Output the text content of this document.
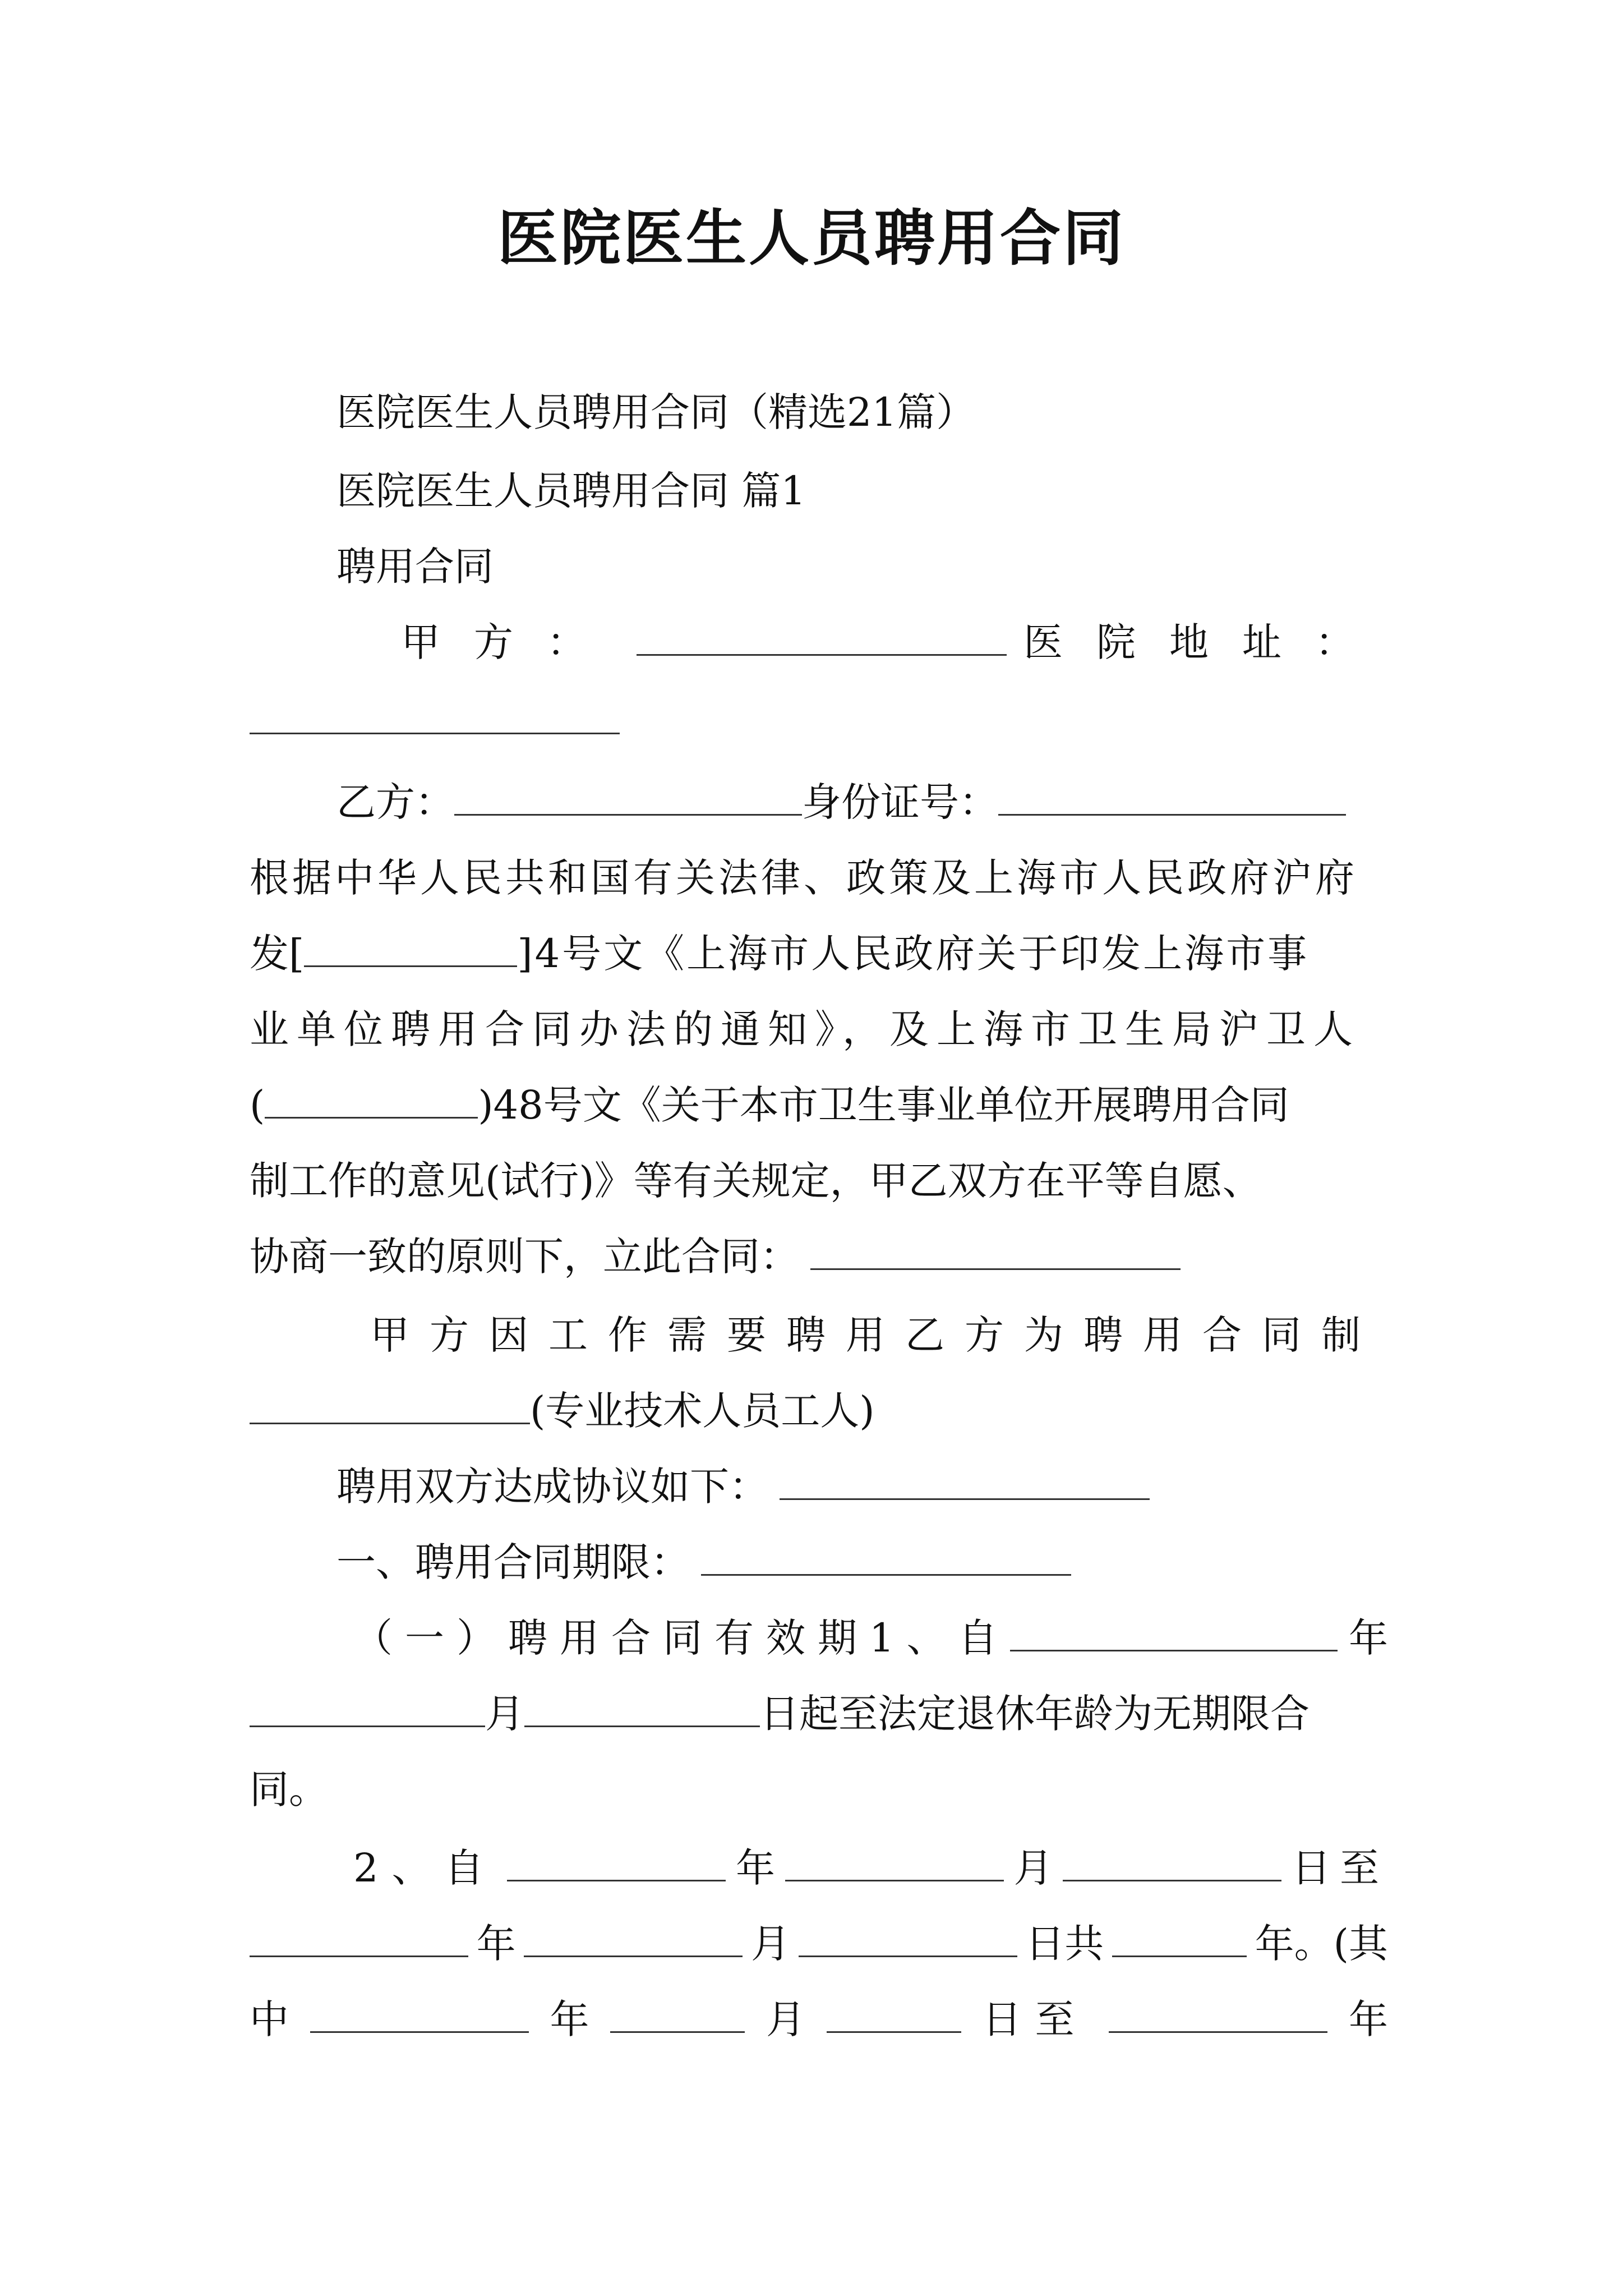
医院医生人员聘用合同
医院医生人员聘用合同（精选21篇）
医院医生人员聘用合同 篇1
聘用合同
甲方：	医院地址：
乙方：	身份证号：
根据中华人民共和国有关法律、政策及上海市人民政府沪府
发[	]4号文《上海市人民政府关于印发上海市事
业单位聘用合同办法的通知》，及上海市卫生局沪卫人
(	)48号文《关于本市卫生事业单位开展聘用合同
制工作的意见(试行)》等有关规定，甲乙双方在平等自愿、
协商一致的原则下，立此合同：
甲方因工作需要聘用乙方为聘用合同制
(专业技术人员工人)
聘用双方达成协议如下：
一、聘用合同期限：
（一）聘用合同有效期1、自	年
月	日起至法定退休年龄为无期限合
同。
2、自	年	月	日至
年	月	日共	年。(其
中	年	月	日至	年
